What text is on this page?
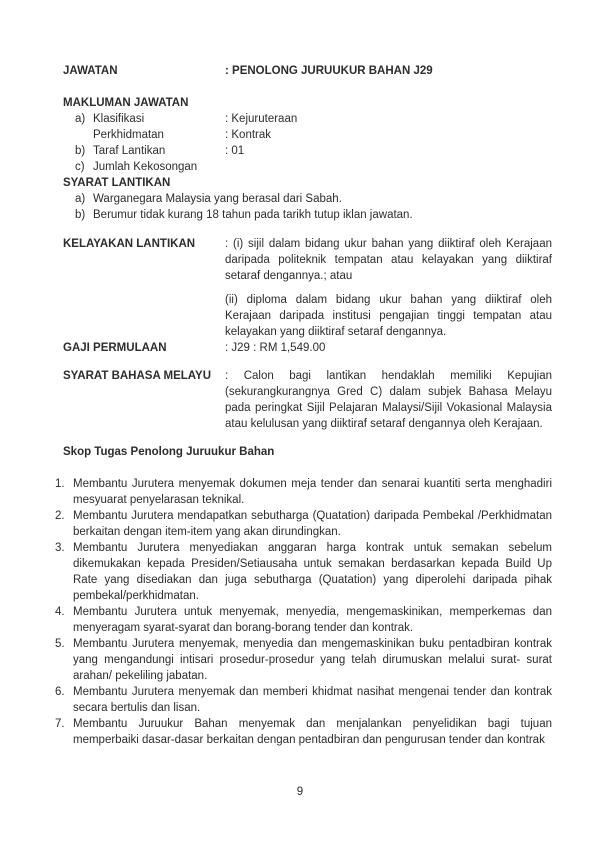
JAWATAN	: PENOLONG JURUUKUR BAHAN J29
MAKLUMAN JAWATAN
a) Klasifikasi	: Kejuruteraan
Perkhidmatan	: Kontrak
b) Taraf Lantikan	: 01
c) Jumlah Kekosongan
SYARAT LANTIKAN
a) Warganegara Malaysia yang berasal dari Sabah.
b) Berumur tidak kurang 18 tahun pada tarikh tutup iklan jawatan.
KELAYAKAN LANTIKAN	: (i) sijil dalam bidang ukur bahan yang diiktiraf oleh Kerajaan daripada politeknik tempatan atau kelayakan yang diiktiraf setaraf dengannya.; atau
(ii) diploma dalam bidang ukur bahan yang diiktiraf oleh Kerajaan daripada institusi pengajian tinggi tempatan atau kelayakan yang diiktiraf setaraf dengannya.
GAJI PERMULAAN	: J29 : RM 1,549.00
SYARAT BAHASA MELAYU	: Calon bagi lantikan hendaklah memiliki Kepujian (sekurangkurangnya Gred C) dalam subjek Bahasa Melayu pada peringkat Sijil Pelajaran Malaysi/Sijil Vokasional Malaysia atau kelulusan yang diiktiraf setaraf dengannya oleh Kerajaan.
Skop Tugas Penolong Juruukur Bahan
1. Membantu Jurutera menyemak dokumen meja tender dan senarai kuantiti serta menghadiri mesyuarat penyelarasan teknikal.
2. Membantu Jurutera mendapatkan sebutharga (Quatation) daripada Pembekal /Perkhidmatan berkaitan dengan item-item yang akan dirundingkan.
3. Membantu Jurutera menyediakan anggaran harga kontrak untuk semakan sebelum dikemukakan kepada Presiden/Setiausaha untuk semakan berdasarkan kepada Build Up Rate yang disediakan dan juga sebutharga (Quatation) yang diperolehi daripada pihak pembekal/perkhidmatan.
4. Membantu Jurutera untuk menyemak, menyedia, mengemaskinikan, memperkemas dan menyeragam syarat-syarat dan borang-borang tender dan kontrak.
5. Membantu Jurutera menyemak, menyedia dan mengemaskinikan buku pentadbiran kontrak yang mengandungi intisari prosedur-prosedur yang telah dirumuskan melalui surat- surat arahan/ pekeliling jabatan.
6. Membantu Jurutera menyemak dan memberi khidmat nasihat mengenai tender dan kontrak secara bertulis dan lisan.
7. Membantu Juruukur Bahan menyemak dan menjalankan penyelidikan bagi tujuan memperbaiki dasar-dasar berkaitan dengan pentadbiran dan pengurusan tender dan kontrak
9
